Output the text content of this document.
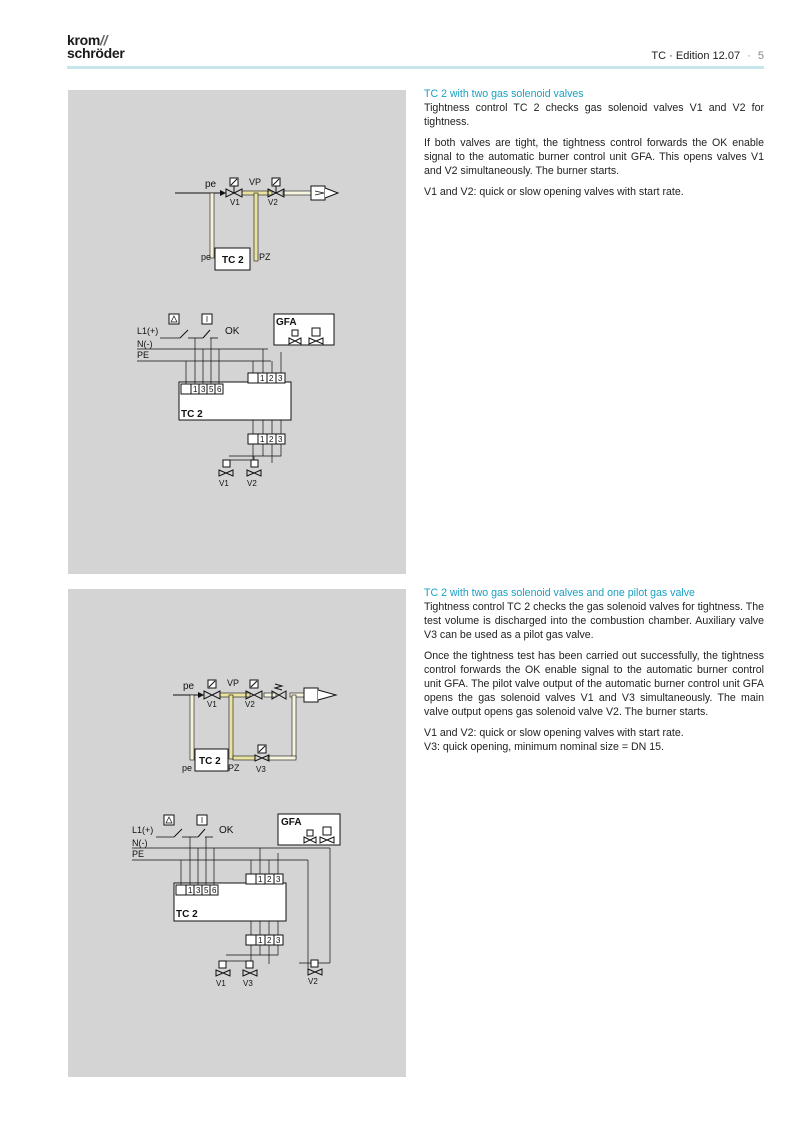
krom//
schröder	TC · Edition 12.07 · 5
pe	VP
V1	V2
TC 2
pe	PZ
L1(+)
N(-)
PE
OK
GFA
TC 2
1 3 5 6
1 2 3
1 2 3
V1 V2
TC 2 with two gas solenoid valves

Tightness control TC 2 checks gas solenoid valves V1 and V2 for tightness.

If both valves are tight, the tightness control forwards the OK enable signal to the automatic burner control unit GFA. This opens valves V1 and V2 simultaneously. The burner starts.

V1 and V2: quick or slow opening valves with start rate.

pe	VP
V1	V2
V3
TC 2
pe	PZ
L1(+)
N(-)
PE
OK
GFA
TC 2
1 3 5 6
1 2 3
1 2 3
V1 V3	V2
TC 2 with two gas solenoid valves and one pilot gas valve

Tightness control TC 2 checks the gas solenoid valves for tightness. The test volume is discharged into the combustion chamber. Auxiliary valve V3 can be used as a pilot gas valve.

Once the tightness test has been carried out successfully, the tightness control forwards the OK enable signal to the automatic burner control unit GFA. The pilot valve output of the automatic burner control unit GFA opens the gas solenoid valves V1 and V3 simultaneously. The main valve output opens gas solenoid valve V2. The burner starts.

V1 and V2: quick or slow opening valves with start rate.

V3: quick opening, minimum nominal size = DN 15.
